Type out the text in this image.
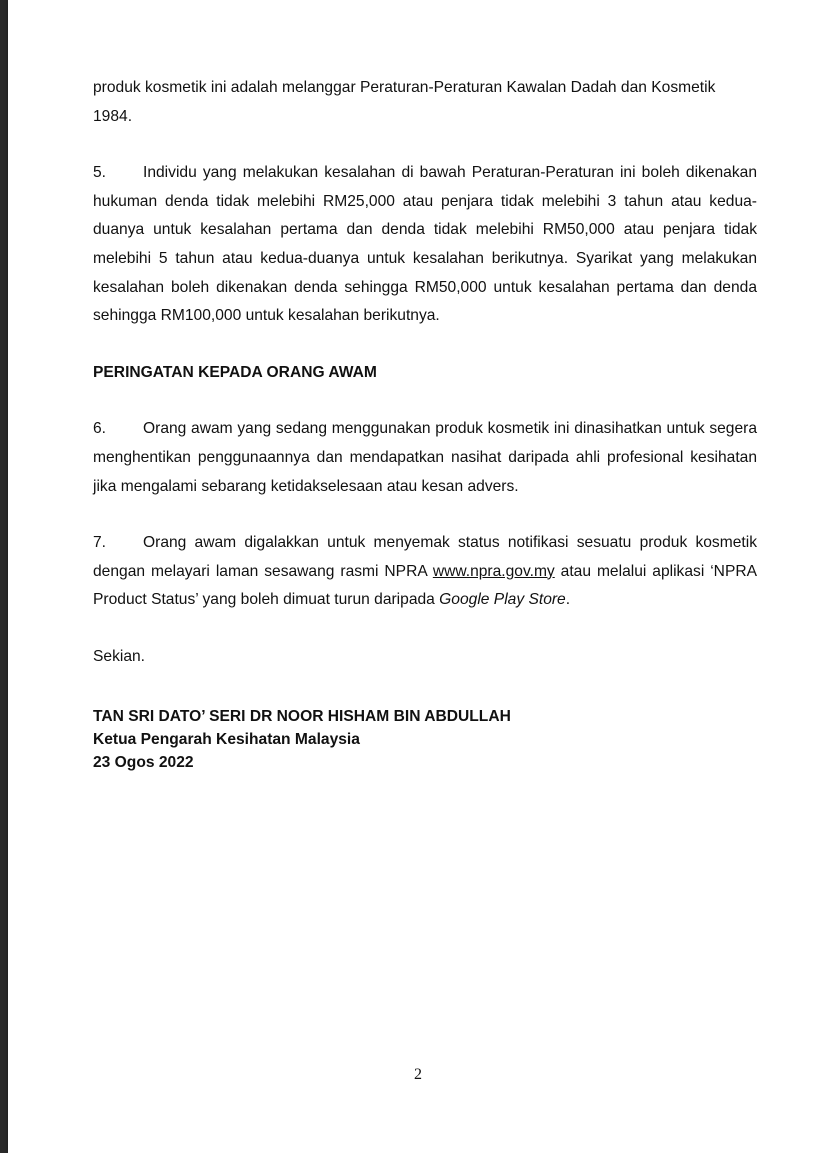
produk kosmetik ini adalah melanggar Peraturan-Peraturan Kawalan Dadah dan Kosmetik 1984.

5. Individu yang melakukan kesalahan di bawah Peraturan-Peraturan ini boleh dikenakan hukuman denda tidak melebihi RM25,000 atau penjara tidak melebihi 3 tahun atau kedua-duanya untuk kesalahan pertama dan denda tidak melebihi RM50,000 atau penjara tidak melebihi 5 tahun atau kedua-duanya untuk kesalahan berikutnya. Syarikat yang melakukan kesalahan boleh dikenakan denda sehingga RM50,000 untuk kesalahan pertama dan denda sehingga RM100,000 untuk kesalahan berikutnya.

PERINGATAN KEPADA ORANG AWAM

6. Orang awam yang sedang menggunakan produk kosmetik ini dinasihatkan untuk segera menghentikan penggunaannya dan mendapatkan nasihat daripada ahli profesional kesihatan jika mengalami sebarang ketidakselesaan atau kesan advers.

7. Orang awam digalakkan untuk menyemak status notifikasi sesuatu produk kosmetik dengan melayari laman sesawang rasmi NPRA www.npra.gov.my atau melalui aplikasi ‘NPRA Product Status’ yang boleh dimuat turun daripada Google Play Store.

Sekian.

TAN SRI DATO’ SERI DR NOOR HISHAM BIN ABDULLAH
Ketua Pengarah Kesihatan Malaysia
23 Ogos 2022
2
